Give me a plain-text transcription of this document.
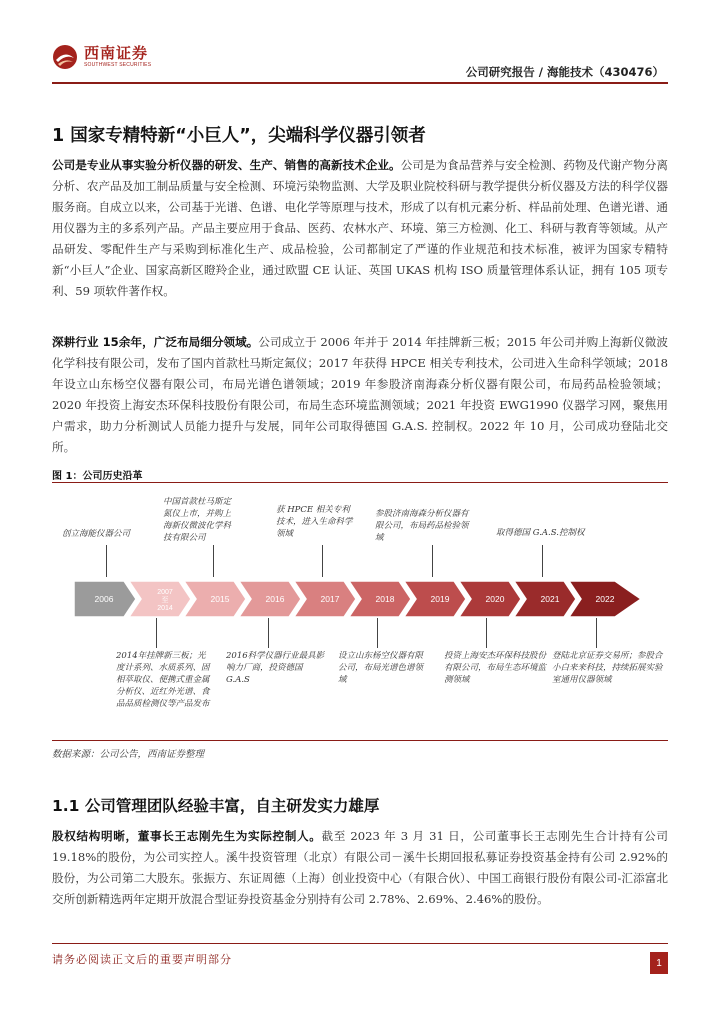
西南证券
SOUTHWEST SECURITIES	公司研究报告 / 海能技术（430476）
1 国家专精特新“小巨人”，尖端科学仪器引领者
公司是专业从事实验分析仪器的研发、生产、销售的高新技术企业。公司是为食品营养与安全检测、药物及代谢产物分离分析、农产品及加工制品质量与安全检测、环境污染物监测、大学及职业院校科研与教学提供分析仪器及方法的科学仪器服务商。自成立以来，公司基于光谱、色谱、电化学等原理与技术，形成了以有机元素分析、样品前处理、色谱光谱、通用仪器为主的多系列产品。产品主要应用于食品、医药、农林水产、环境、第三方检测、化工、科研与教育等领域。从产品研发、零配件生产与采购到标准化生产、成品检验，公司都制定了严谨的作业规范和技术标准，被评为国家专精特新“小巨人”企业、国家高新区瞪羚企业，通过欧盟 CE 认证、英国 UKAS 机构 ISO 质量管理体系认证，拥有 105 项专利、59 项软件著作权。
深耕行业 15余年，广泛布局细分领域。公司成立于 2006 年并于 2014 年挂牌新三板；2015 年公司并购上海新仪微波化学科技有限公司，发布了国内首款杜马斯定氮仪；2017 年获得 HPCE 相关专利技术，公司进入生命科学领域；2018 年设立山东杨空仪器有限公司，布局光谱色谱领域；2019 年参股济南海森分析仪器有限公司，布局药品检验领域；2020 年投资上海安杰环保科技股份有限公司，布局生态环境监测领域；2021 年投资 EWG1990 仪器学习网，聚焦用户需求，助力分析测试人员能力提升与发展，同年公司取得德国 G.A.S. 控制权。2022 年 10 月，公司成功登陆北交所。
图 1：公司历史沿革
创立海能仪器公司
中国首款杜马斯定氮仪上市，并购上海新仪微波化学科技有限公司
获 HPCE 相关专利技术，进入生命科学领域
参股济南海森分析仪器有限公司，布局药品检验领域	取得德国 G.A.S.控制权
2006
2007
至
2014
2015	2016	2017	2018	2019	2020	2021	2022
2014年挂牌新三板；光度计系列、水质系列、固相萃取仪、便携式重金属分析仪、近红外光谱、食品品质检测仪等产品发布
2016科学仪器行业最具影响力厂商，投资德国 G.A.S
设立山东杨空仪器有限公司，布局光谱色谱领域
投资上海安杰环保科技股份有限公司，布局生态环境监测领域
登陆北京证券交易所；参股合小白来来科技，持续拓展实验室通用仪器领域
数据来源：公司公告，西南证券整理
1.1 公司管理团队经验丰富，自主研发实力雄厚
股权结构明晰，董事长王志刚先生为实际控制人。截至 2023 年 3 月 31 日，公司董事长王志刚先生合计持有公司 19.18%的股份，为公司实控人。溪牛投资管理（北京）有限公司－溪牛长期回报私募证券投资基金持有公司 2.92%的股份，为公司第二大股东。张振方、东证周德（上海）创业投资中心（有限合伙）、中国工商银行股份有限公司-汇添富北交所创新精选两年定期开放混合型证券投资基金分别持有公司 2.78%、2.69%、2.46%的股份。
请务必阅读正文后的重要声明部分	1
